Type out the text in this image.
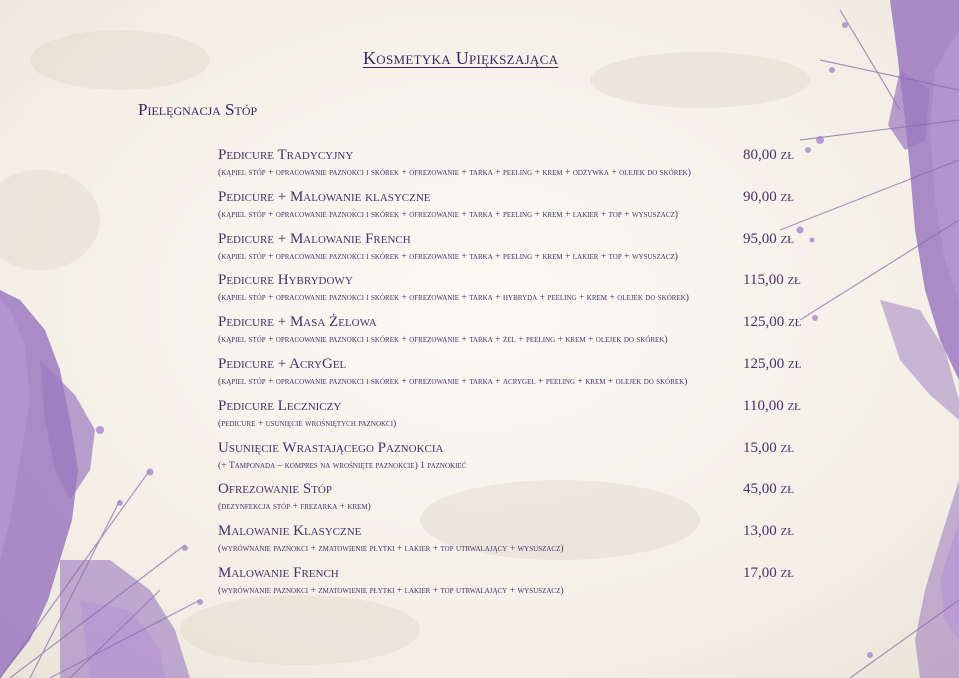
Kosmetyka Upiększająca
Pielęgnacja Stóp
Pedicure Tradycyjny	80,00 zł
(kąpiel stóp + opracowanie paznokci i skórek + ofrezowanie + tarka + peeling + krem + odżywka + olejek do skórek)
Pedicure + Malowanie klasyczne	90,00 zł
(kąpiel stóp + opracowanie paznokci i skórek + ofrezowanie + tarka + peeling + krem + lakier + top + wysuszacz)
Pedicure + Malowanie French	95,00 zł
(kąpiel stóp + opracowanie paznokci i skórek + ofrezowanie + tarka + peeling + krem + lakier + top + wysuszacz)
Pedicure Hybrydowy	115,00 zł
(kąpiel stóp + opracowanie paznokci i skórek + ofrezowanie + tarka + hybryda + peeling + krem + olejek do skórek)
Pedicure + Masa Żelowa	125,00 zł
(kąpiel stóp + opracowanie paznokci i skórek + ofrezowanie + tarka + żel + peeling + krem + olejek do skórek)
Pedicure + AcryGel	125,00 zł
(kąpiel stóp + opracowanie paznokci i skórek + ofrezowanie + tarka + acrygel + peeling + krem + olejek do skórek)
Pedicure Leczniczy	110,00 zł
(pedicure + usunięcie wrośniętych paznokci)
Usunięcie Wrastającego Paznokcia	15,00 zł
(+ Tamponada – kompres na wrośnięte paznokcie) 1 paznokieć
Ofrezowanie Stóp	45,00 zł
(dezynfekcja stóp + frezarka + krem)
Malowanie Klasyczne	13,00 zł
(wyrównanie paznokci + zmatowienie płytki + lakier + top utrwalający + wysuszacz)
Malowanie French	17,00 zł
(wyrównanie paznokci + zmatowienie płytki + lakier + top utrwalający + wysuszacz)
